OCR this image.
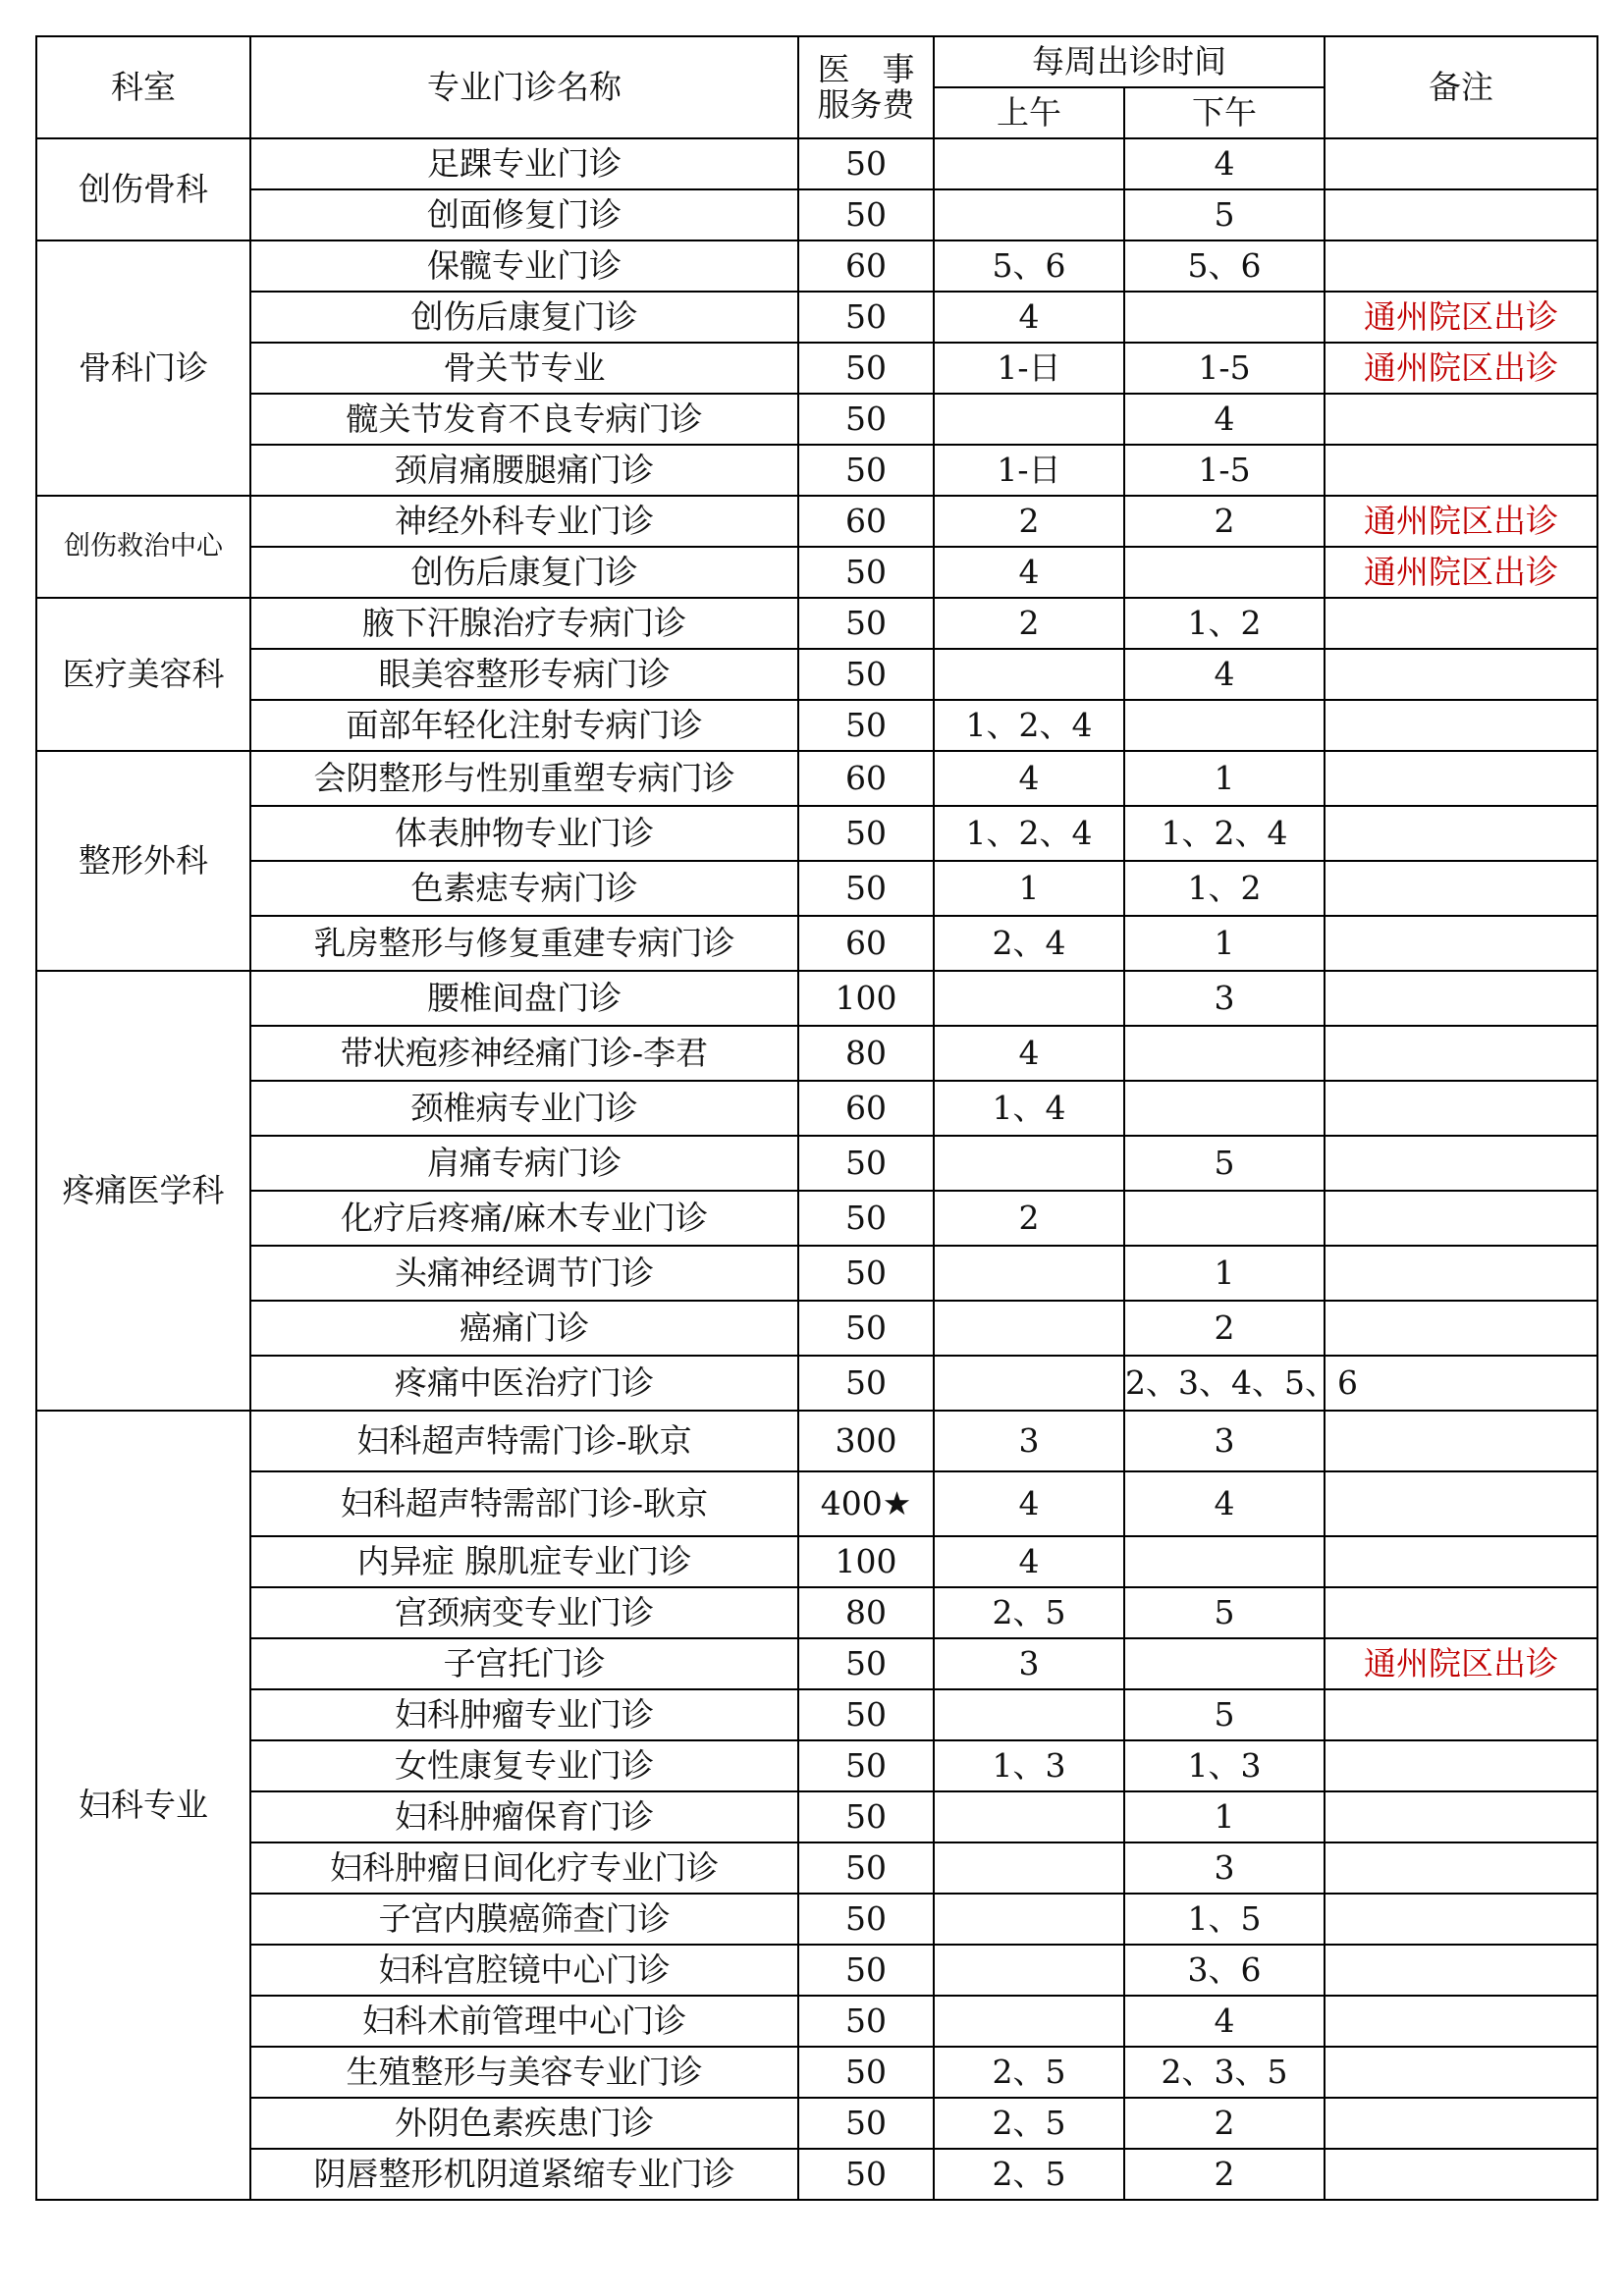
科室	专业门诊名称	医　事
服务费	每周出诊时间		备注
			上午	下午	
创伤骨科	足踝专业门诊	50		4	
	创面修复门诊	50		5	
骨科门诊	保髋专业门诊	60	5、6	5、6	
	创伤后康复门诊	50	4		通州院区出诊
	骨关节专业	50	1-日	1-5	通州院区出诊
	髋关节发育不良专病门诊	50		4	
	颈肩痛腰腿痛门诊	50	1-日	1-5	
创伤救治中心	神经外科专业门诊	60	2	2	通州院区出诊
	创伤后康复门诊	50	4		通州院区出诊
医疗美容科	腋下汗腺治疗专病门诊	50	2	1、2	
	眼美容整形专病门诊	50		4	
	面部年轻化注射专病门诊	50	1、2、4		
整形外科	会阴整形与性别重塑专病门诊	60	4	1	
	体表肿物专业门诊	50	1、2、4	1、2、4	
	色素痣专病门诊	50	1	1、2	
	乳房整形与修复重建专病门诊	60	2、4	1	
疼痛医学科	腰椎间盘门诊	100		3	
	带状疱疹神经痛门诊-李君	80	4		
	颈椎病专业门诊	60	1、4		
	肩痛专病门诊	50		5	
	化疗后疼痛/麻木专业门诊	50	2		
	头痛神经调节门诊	50		1	
	癌痛门诊	50		2	
	疼痛中医治疗门诊	50		2、3、4、5、6	
妇科专业	妇科超声特需门诊-耿京	300	3	3	
	妇科超声特需部门诊-耿京	400★	4	4	
	内异症 腺肌症专业门诊	100	4		
	宫颈病变专业门诊	80	2、5	5	
	子宫托门诊	50	3		通州院区出诊
	妇科肿瘤专业门诊	50		5	
	女性康复专业门诊	50	1、3	1、3	
	妇科肿瘤保育门诊	50		1	
	妇科肿瘤日间化疗专业门诊	50		3	
	子宫内膜癌筛查门诊	50		1、5	
	妇科宫腔镜中心门诊	50		3、6	
	妇科术前管理中心门诊	50		4	
	生殖整形与美容专业门诊	50	2、5	2、3、5	
	外阴色素疾患门诊	50	2、5	2	
	阴唇整形机阴道紧缩专业门诊	50	2、5	2	
